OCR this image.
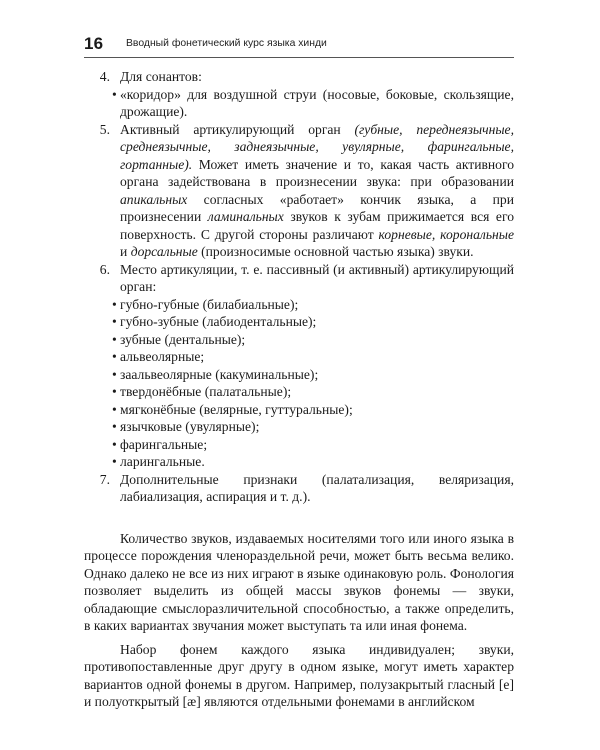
16 Вводный фонетический курс языка хинди

4. Для сонантов:

• «коридор» для воздушной струи (носовые, боковые, скользящие, дрожащие).

5. Активный артикулирующий орган (губные, переднеязычные, среднеязычные, заднеязычные, увулярные, фарингальные, гортанные). Может иметь значение и то, какая часть активного органа задействована в произнесении звука: при образовании апикальных согласных «работает» кончик языка, а при произнесении ламинальных звуков к зубам прижимается вся его поверхность. С другой стороны различают корневые, корональные и дорсальные (произносимые основной частью языка) звуки.

6. Место артикуляции, т. е. пассивный (и активный) артикулирующий орган:

• губно-губные (билабиальные);

• губно-зубные (лабиодентальные);

• зубные (дентальные);

• альвеолярные;

• заальвеолярные (какуминальные);

• твердонёбные (палатальные);

• мягконёбные (велярные, гуттуральные);

• язычковые (увулярные);

• фарингальные;

• ларингальные.

7. Дополнительные признаки (палатализация, веляризация, лабиализация, аспирация и т. д.).

Количество звуков, издаваемых носителями того или иного языка в процессе порождения членораздельной речи, может быть весьма велико. Однако далеко не все из них играют в языке одинаковую роль. Фонология позволяет выделить из общей массы звуков фонемы — звуки, обладающие смыслоразличительной способностью, а также определить, в каких вариантах звучания может выступать та или иная фонема.

Набор фонем каждого языка индивидуален; звуки, противопоставленные друг другу в одном языке, могут иметь характер вариантов одной фонемы в другом. Например, полузакрытый гласный [e] и полуоткрытый [æ] являются отдельными фонемами в английском
